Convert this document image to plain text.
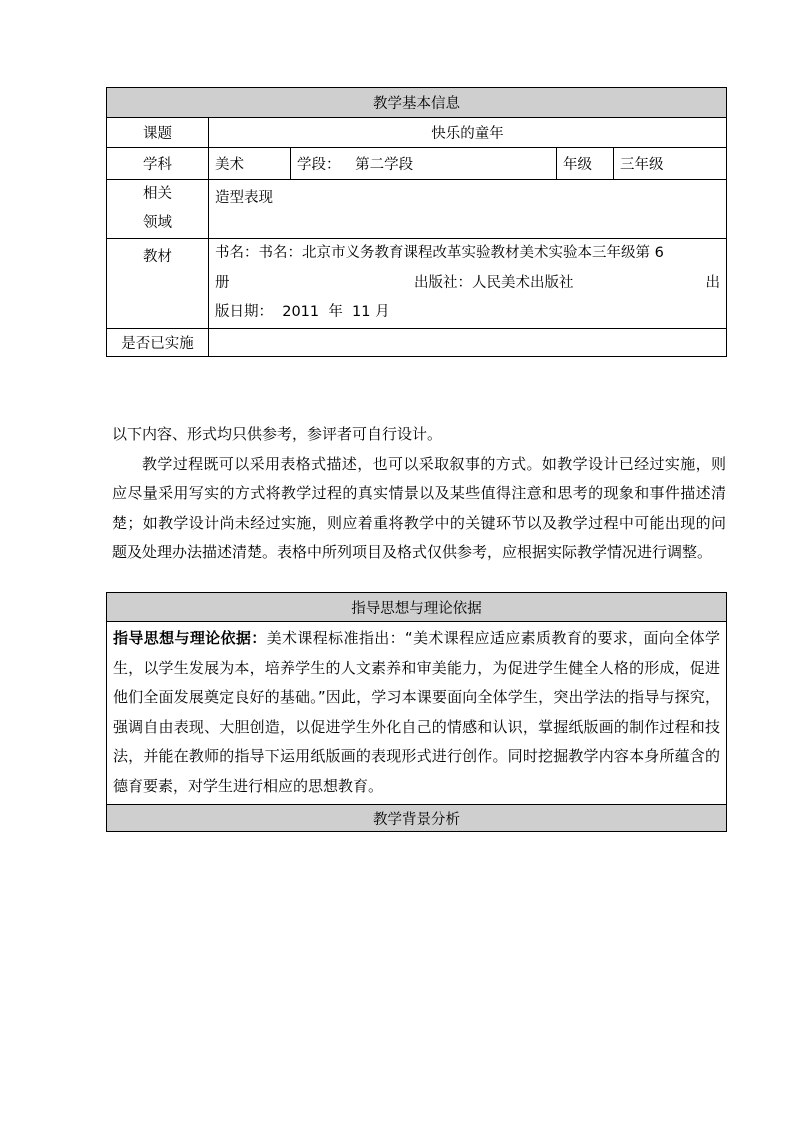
教学基本信息				
课题	快乐的童年			
学科	美术	学段： 第二学段	年级	三年级

相关
领域	造型表现			
教材	书名：书名：北京市义务教育课程改革实验教材美术实验本三年级第 6
册 出版社：人民美术出版社 出
版日期：  2011  年  11 月			

是否已实施				

以下内容、形式均只供参考，参评者可自行设计。

教学过程既可以采用表格式描述，也可以采取叙事的方式。如教学设计已经过实施，则应尽量采用写实的方式将教学过程的真实情景以及某些值得注意和思考的现象和事件描述清楚；如教学设计尚未经过实施，则应着重将教学中的关键环节以及教学过程中可能出现的问题及处理办法描述清楚。表格中所列项目及格式仅供参考，应根据实际教学情况进行调整。

指导思想与理论依据
指导思想与理论依据：美术课程标准指出：“美术课程应适应素质教育的要求，面向全体学生，以学生发展为本，培养学生的人文素养和审美能力，为促进学生健全人格的形成，促进他们全面发展奠定良好的基础。”因此，学习本课要面向全体学生，突出学法的指导与探究，强调自由表现、大胆创造，以促进学生外化自己的情感和认识，掌握纸版画的制作过程和技法，并能在教师的指导下运用纸版画的表现形式进行创作。同时挖掘教学内容本身所蕴含的德育要素，对学生进行相应的思想教育。
教学背景分析
